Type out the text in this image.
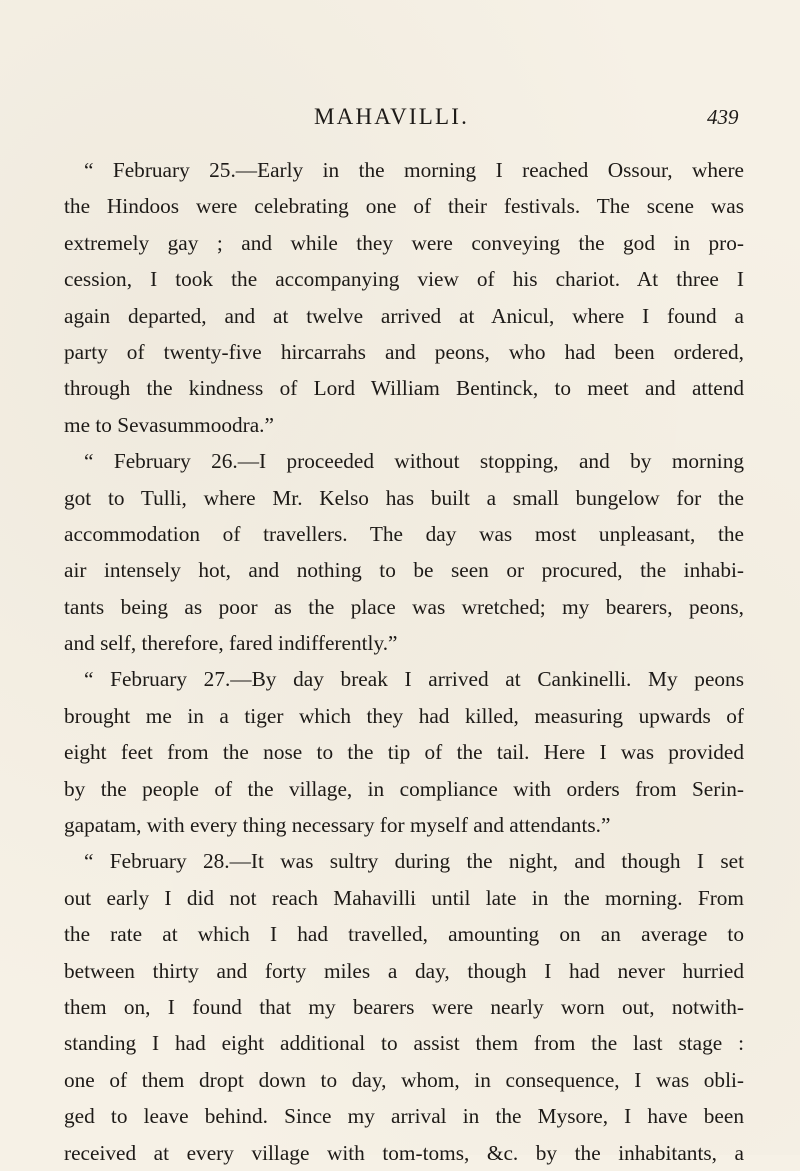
MAHAVILLI.	439
“ February 25.—Early in the morning I reached Ossour, where
the Hindoos were celebrating one of their festivals. The scene was
extremely gay ; and while they were conveying the god in pro-
cession, I took the accompanying view of his chariot. At three I
again departed, and at twelve arrived at Anicul, where I found a
party of twenty-five hircarrahs and peons, who had been ordered,
through the kindness of Lord William Bentinck, to meet and attend
me to Sevasummoodra.”
“ February 26.—I proceeded without stopping, and by morning
got to Tulli, where Mr. Kelso has built a small bungelow for the
accommodation of travellers. The day was most unpleasant, the
air intensely hot, and nothing to be seen or procured, the inhabi-
tants being as poor as the place was wretched; my bearers, peons,
and self, therefore, fared indifferently.”
“ February 27.—By day break I arrived at Cankinelli. My peons
brought me in a tiger which they had killed, measuring upwards of
eight feet from the nose to the tip of the tail. Here I was provided
by the people of the village, in compliance with orders from Serin-
gapatam, with every thing necessary for myself and attendants.”
“ February 28.—It was sultry during the night, and though I set
out early I did not reach Mahavilli until late in the morning. From
the rate at which I had travelled, amounting on an average to
between thirty and forty miles a day, though I had never hurried
them on, I found that my bearers were nearly worn out, notwith-
standing I had eight additional to assist them from the last stage :
one of them dropt down to day, whom, in consequence, I was obli-
ged to leave behind. Since my arrival in the Mysore, I have been
received at every village with tom-toms, &c. by the inhabitants, a
